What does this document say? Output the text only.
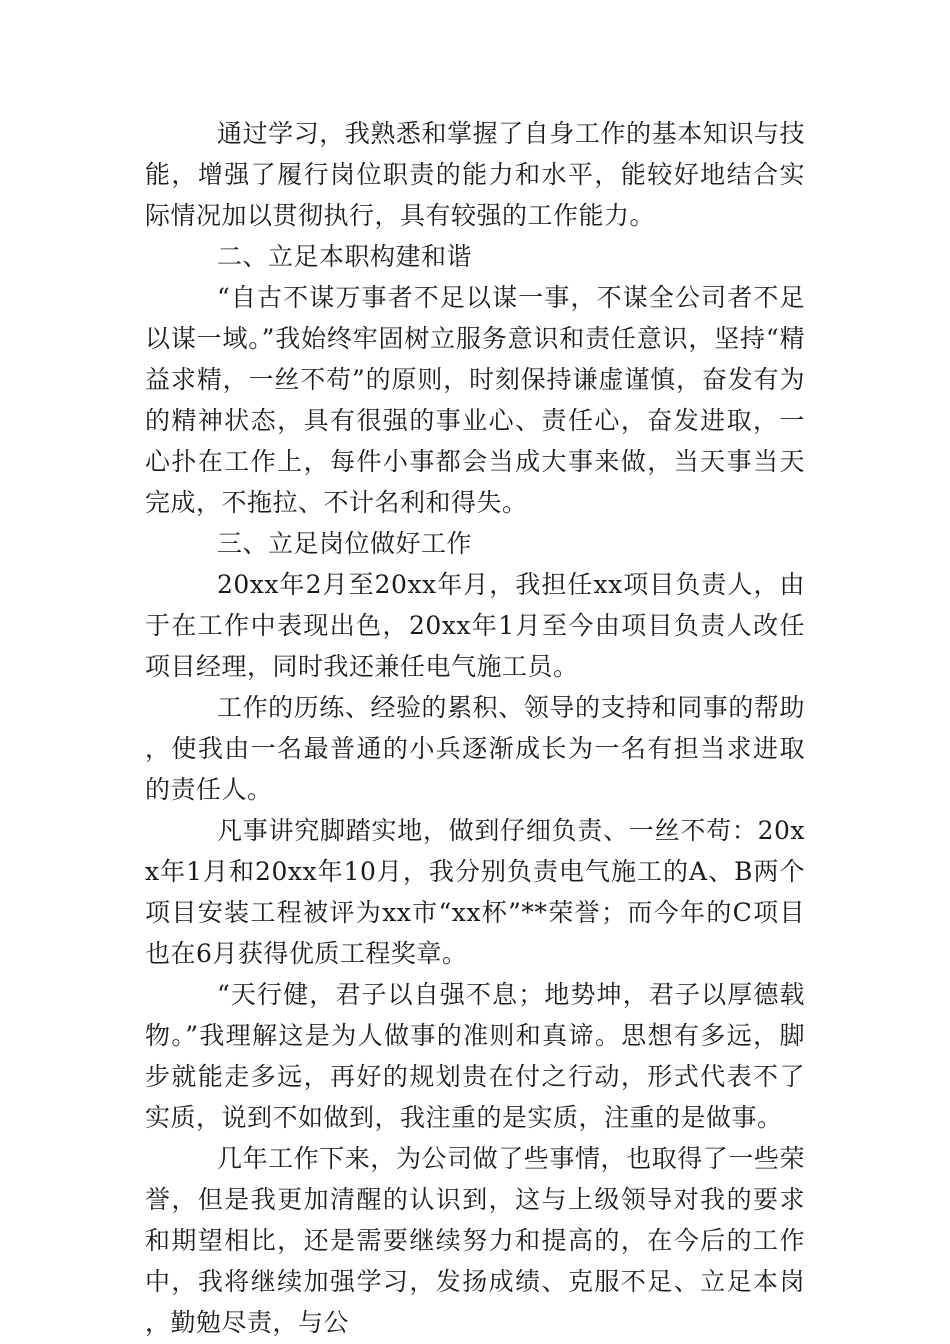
通过学习，我熟悉和掌握了自身工作的基本知识与技能，增强了履行岗位职责的能力和水平，能较好地结合实际情况加以贯彻执行，具有较强的工作能力。

二、立足本职构建和谐

“自古不谋万事者不足以谋一事，不谋全公司者不足以谋一域。”我始终牢固树立服务意识和责任意识，坚持“精益求精，一丝不苟”的原则，时刻保持谦虚谨慎，奋发有为的精神状态，具有很强的事业心、责任心，奋发进取，一心扑在工作上，每件小事都会当成大事来做，当天事当天完成，不拖拉、不计名利和得失。

三、立足岗位做好工作

20xx年2月至20xx年月，我担任xx项目负责人，由于在工作中表现出色，20xx年1月至今由项目负责人改任项目经理，同时我还兼任电气施工员。

工作的历练、经验的累积、领导的支持和同事的帮助，使我由一名最普通的小兵逐渐成长为一名有担当求进取的责任人。

凡事讲究脚踏实地，做到仔细负责、一丝不苟：20xx年1月和20xx年10月，我分别负责电气施工的A、B两个项目安装工程被评为xx市“xx杯”**荣誉；而今年的C项目也在6月获得优质工程奖章。

“天行健，君子以自强不息；地势坤，君子以厚德载物。”我理解这是为人做事的准则和真谛。思想有多远，脚步就能走多远，再好的规划贵在付之行动，形式代表不了实质，说到不如做到，我注重的是实质，注重的是做事。

几年工作下来，为公司做了些事情，也取得了一些荣誉，但是我更加清醒的认识到，这与上级领导对我的要求和期望相比，还是需要继续努力和提高的，在今后的工作中，我将继续加强学习，发扬成绩、克服不足、立足本岗，勤勉尽责，与公
